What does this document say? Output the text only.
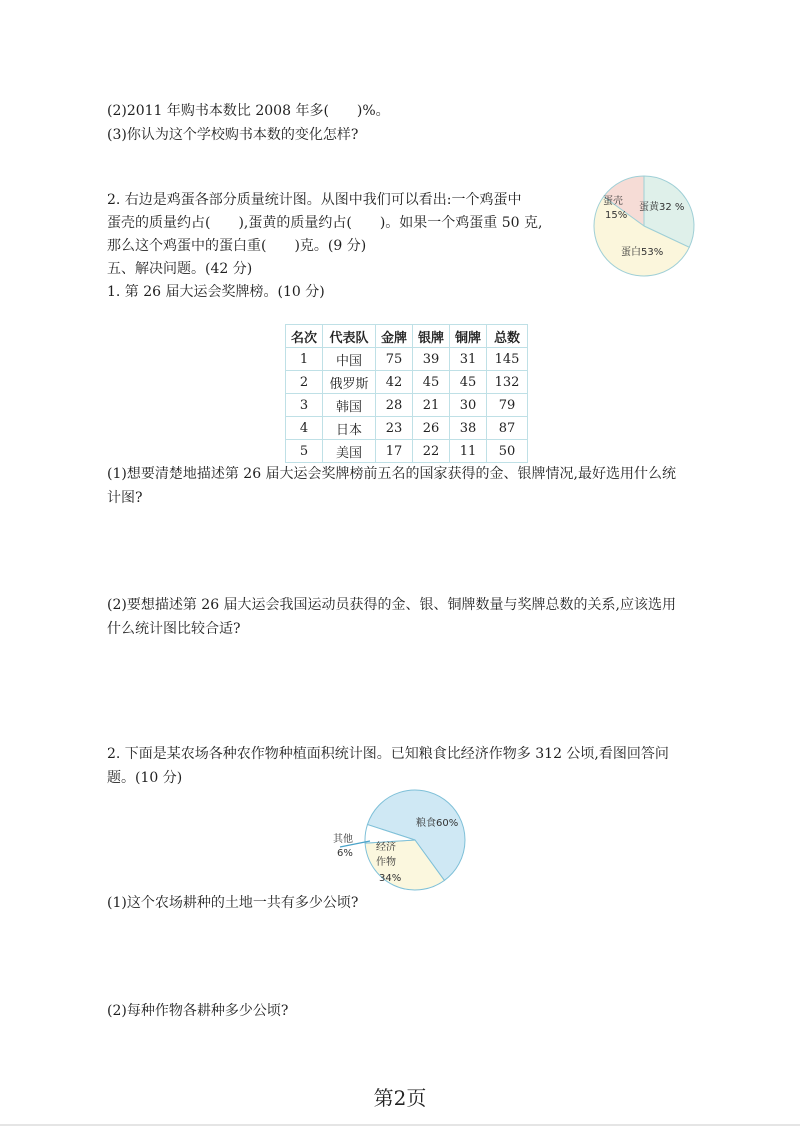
(2)2011 年购书本数比 2008 年多(　　)%。
(3)你认为这个学校购书本数的变化怎样?
2. 右边是鸡蛋各部分质量统计图。从图中我们可以看出:一个鸡蛋中
蛋壳的质量约占(　　),蛋黄的质量约占(　　)。如果一个鸡蛋重 50 克,
那么这个鸡蛋中的蛋白重(　　)克。(9 分)
五、解决问题。(42 分)
1. 第 26 届大运会奖牌榜。(10 分)
蛋壳
15%
蛋黄32 %
蛋白53%
名次	代表队	金牌	银牌	铜牌	总数
1	中国	75	39	31	145
2	俄罗斯	42	45	45	132
3	韩国	28	21	30	79
4	日本	23	26	38	87
5	美国	17	22	11	50
(1)想要清楚地描述第 26 届大运会奖牌榜前五名的国家获得的金、银牌情况,最好选用什么统
计图?
(2)要想描述第 26 届大运会我国运动员获得的金、银、铜牌数量与奖牌总数的关系,应该选用
什么统计图比较合适?
2. 下面是某农场各种农作物种植面积统计图。已知粮食比经济作物多 312 公顷,看图回答问
题。(10 分)
粮食60%
其他
6%
经济
作物
34%
(1)这个农场耕种的土地一共有多少公顷?
(2)每种作物各耕种多少公顷?
第2页
